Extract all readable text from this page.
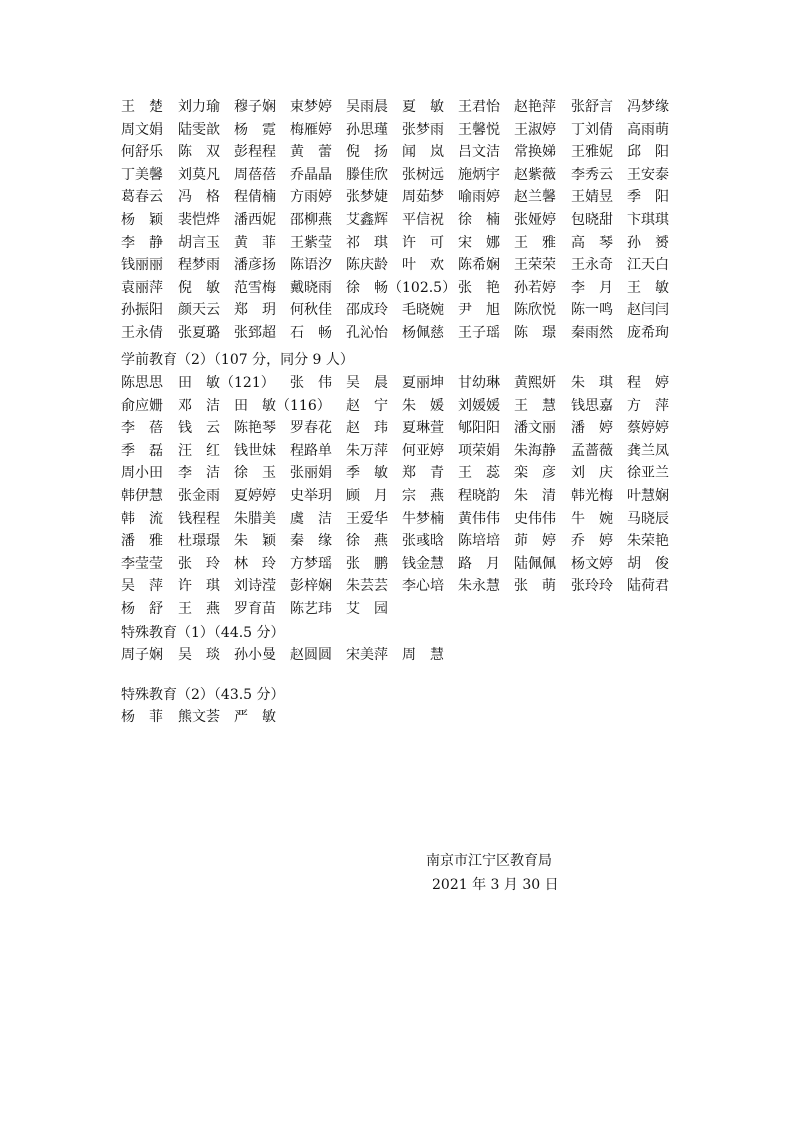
王　楚 刘力瑜 穆子娴 束梦婷 吴雨晨 夏　敏 王君怡 赵艳萍 张舒言 冯梦缘
周文娟 陆雯歆 杨　霓 梅雁婷 孙思瑾 张梦雨 王馨悦 王淑婷 丁刘倩 高雨萌
何舒乐 陈　双 彭程程 黄　蕾 倪　扬 闻　岚 吕文洁 常换娣 王雅妮 邱　阳
丁美馨 刘莫凡 周蓓蓓 乔晶晶 滕佳欣 张树远 施炳宇 赵紫薇 李秀云 王安泰
葛春云 冯　格 程倩楠 方雨婷 张梦婕 周茹梦 喻雨婷 赵兰馨 王婧昱 季　阳
杨　颖 裴恺烨 潘西妮 邵柳燕 艾鑫辉 平信祝 徐　楠 张娅婷 包晓甜 卞琪琪
李　静 胡言玉 黄　菲 王紫莹 祁　琪 许　可 宋　娜 王　雅 高　琴 孙　赟
钱丽丽 程梦雨 潘彦扬 陈语汐 陈庆龄 叶　欢 陈希娴 王荣荣 王永奇 江天白
袁丽萍 倪　敏 范雪梅 戴晓雨 徐　畅（102.5） 张　艳 孙若婷 李　月 王　敏
孙振阳 颜天云 郑　玥 何秋佳 邵成玲 毛晓婉 尹　旭 陈欣悦 陈一鸣 赵闫闫
王永倩 张夏璐 张郅超 石　畅 孔沁怡 杨佩慈 王子瑶 陈　璟 秦雨然 庞希珣
学前教育（2）（107 分，同分 9 人）
陈思思 田　敏（121） 张　伟 吴　晨 夏丽坤 甘幼琳 黄熙妍 朱　琪 程　婷
俞应姗 邓　洁 田　敏（116） 赵　宁 朱　媛 刘媛媛 王　慧 钱思嘉 方　萍
李　蓓 钱　云 陈艳琴 罗春花 赵　玮 夏琳萱 郇阳阳 潘文丽 潘　婷 蔡婷婷
季　磊 汪　红 钱世妹 程路单 朱万萍 何亚婷 项荣娟 朱海静 孟蔷薇 龚兰凤
周小田 李　洁 徐　玉 张丽娟 季　敏 郑　青 王　蕊 栾　彦 刘　庆 徐亚兰
韩伊慧 张金雨 夏婷婷 史举玥 顾　月 宗　燕 程晓韵 朱　清 韩光梅 叶慧娴
韩　流 钱程程 朱腊美 虞　洁 王爱华 牛梦楠 黄伟伟 史伟伟 牛　婉 马晓辰
潘　雅 杜璟璟 朱　颖 秦　缘 徐　燕 张彧晗 陈培培 茆　婷 乔　婷 朱荣艳
李莹莹 张　玲 林　玲 方梦瑶 张　鹏 钱金慧 路　月 陆佩佩 杨文婷 胡　俊
吴　萍 许　琪 刘诗滢 彭梓娴 朱芸芸 李心培 朱永慧 张　萌 张玲玲 陆荷君
杨　舒 王　燕 罗育苗 陈艺玮 艾　园
特殊教育（1）（44.5 分）
周子娴 吴　琰 孙小曼 赵圆圆 宋美萍 周　慧
特殊教育（2）（43.5 分）
杨　菲 熊文荟 严　敏
南京市江宁区教育局
2021 年 3 月 30 日
